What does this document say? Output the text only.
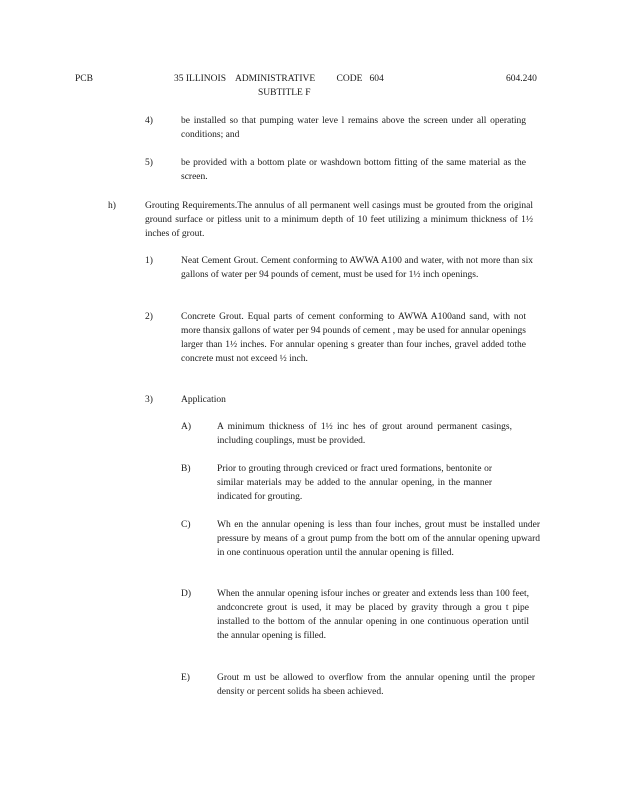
PCB	35 ILLINOIS    ADMINISTRATIVE         CODE   604
SUBTITLE F
604.240
4)	be installed so that pumping water leve l remains above the screen under all operating conditions; and
5)	be provided with a bottom plate or washdown bottom fitting of the same material as the screen.
h)	Grouting Requirements.The annulus of all permanent well casings must be grouted from the original ground surface or pitless unit to a minimum depth of 10 feet utilizing a minimum thickness of 1½ inches of grout.
1)	Neat Cement Grout. Cement conforming to AWWA A100 and water, with not more than six gallons of water per 94 pounds of cement, must be used for 1½ inch openings.
2)	Concrete Grout. Equal parts of cement conforming to AWWA A100and sand, with not more thansix gallons of water per 94 pounds of cement , may be used for annular openings larger than 1½ inches. For annular opening s greater than four inches, gravel added tothe concrete must not exceed ½ inch.
3)	Application
A)	A minimum thickness of 1½ inc hes of grout around permanent casings, including couplings, must be provided.
B)	Prior to grouting through creviced or fract ured formations, bentonite or similar materials may be added to the annular opening, in the manner indicated for grouting.
C)	Wh en the annular opening is less than four inches, grout must be installed under pressure by means of a grout pump from the bott om of the annular opening upward in one continuous operation until the annular opening is filled.
D)	When the annular opening isfour inches or greater and extends less than 100 feet, andconcrete grout is used, it may be placed by gravity through a grou t pipe installed to the bottom of the annular opening in one continuous operation until the annular opening is filled.
E)	Grout m ust be allowed to overflow from the annular opening until the proper density or percent solids ha sbeen achieved.
